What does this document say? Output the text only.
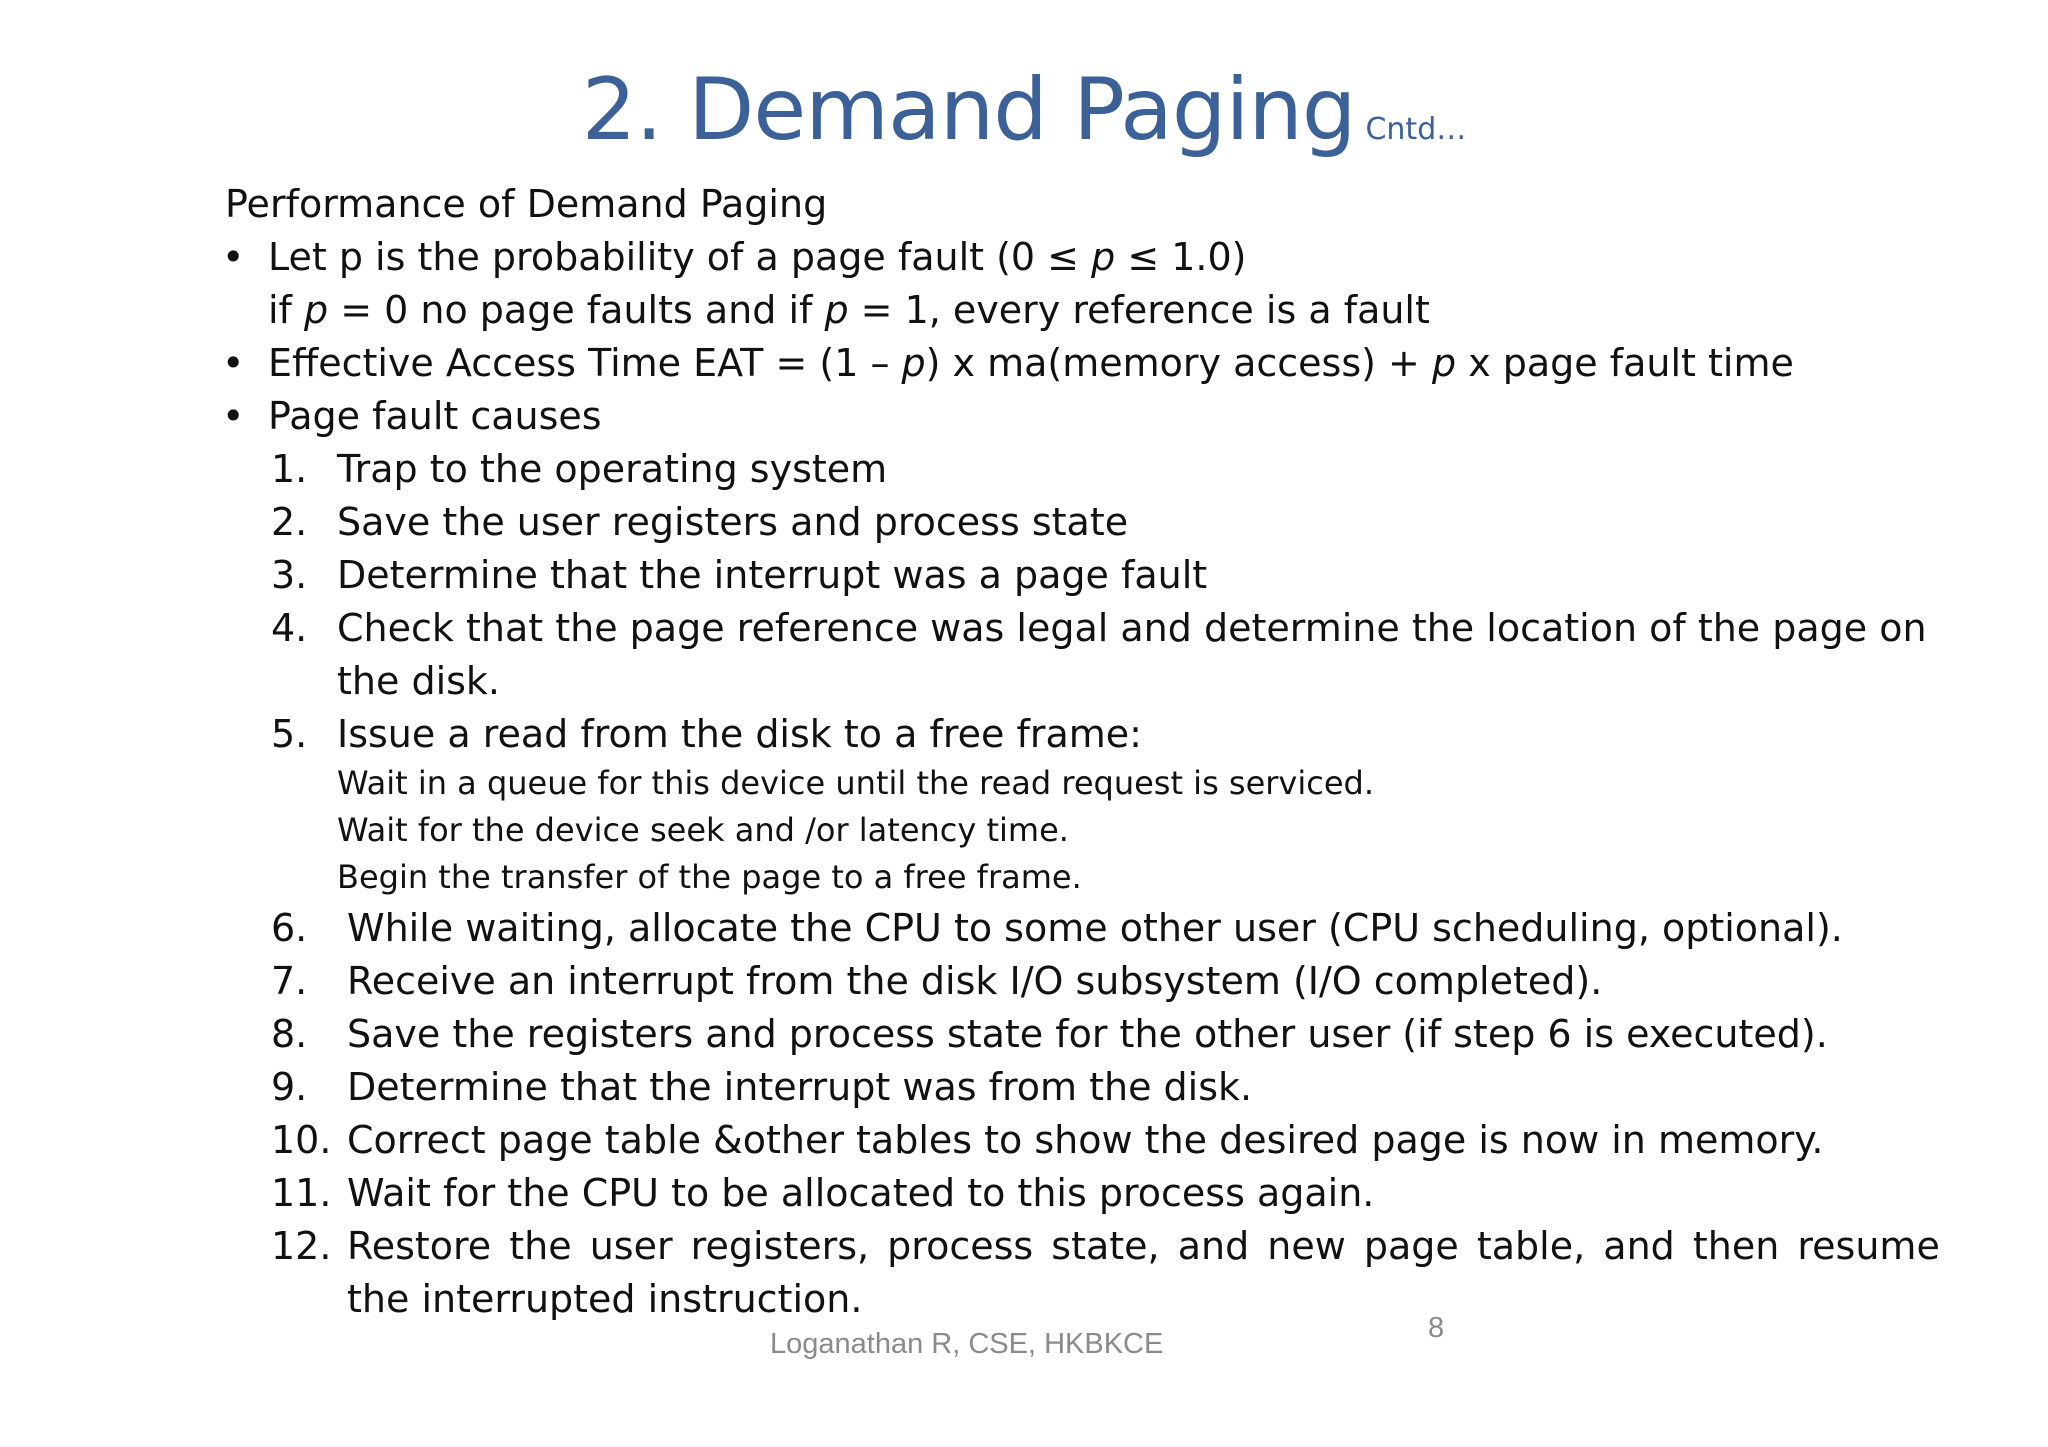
2. Demand Paging Cntd…
Performance of Demand Paging
• Let p is the probability of a page fault (0 ≤ p ≤ 1.0)
if p = 0 no page faults and if p = 1, every reference is a fault
• Effective Access Time EAT = (1 – p) x ma(memory access) + p x page fault time
• Page fault causes
1. Trap to the operating system
2. Save the user registers and process state
3. Determine that the interrupt was a page fault
4. Check that the page reference was legal and determine the location of the page on
the disk.
5. Issue a read from the disk to a free frame:
Wait in a queue for this device until the read request is serviced.
Wait for the device seek and /or latency time.
Begin the transfer of the page to a free frame.
6. While waiting, allocate the CPU to some other user (CPU scheduling, optional).
7. Receive an interrupt from the disk I/O subsystem (I/O completed).
8. Save the registers and process state for the other user (if step 6 is executed).
9. Determine that the interrupt was from the disk.
10. Correct page table &other tables to show the desired page is now in memory.
11. Wait for the CPU to be allocated to this process again.
12. Restore the user registers, process state, and new page table, and then resume
the interrupted instruction.
Loganathan R, CSE, HKBKCE	8
